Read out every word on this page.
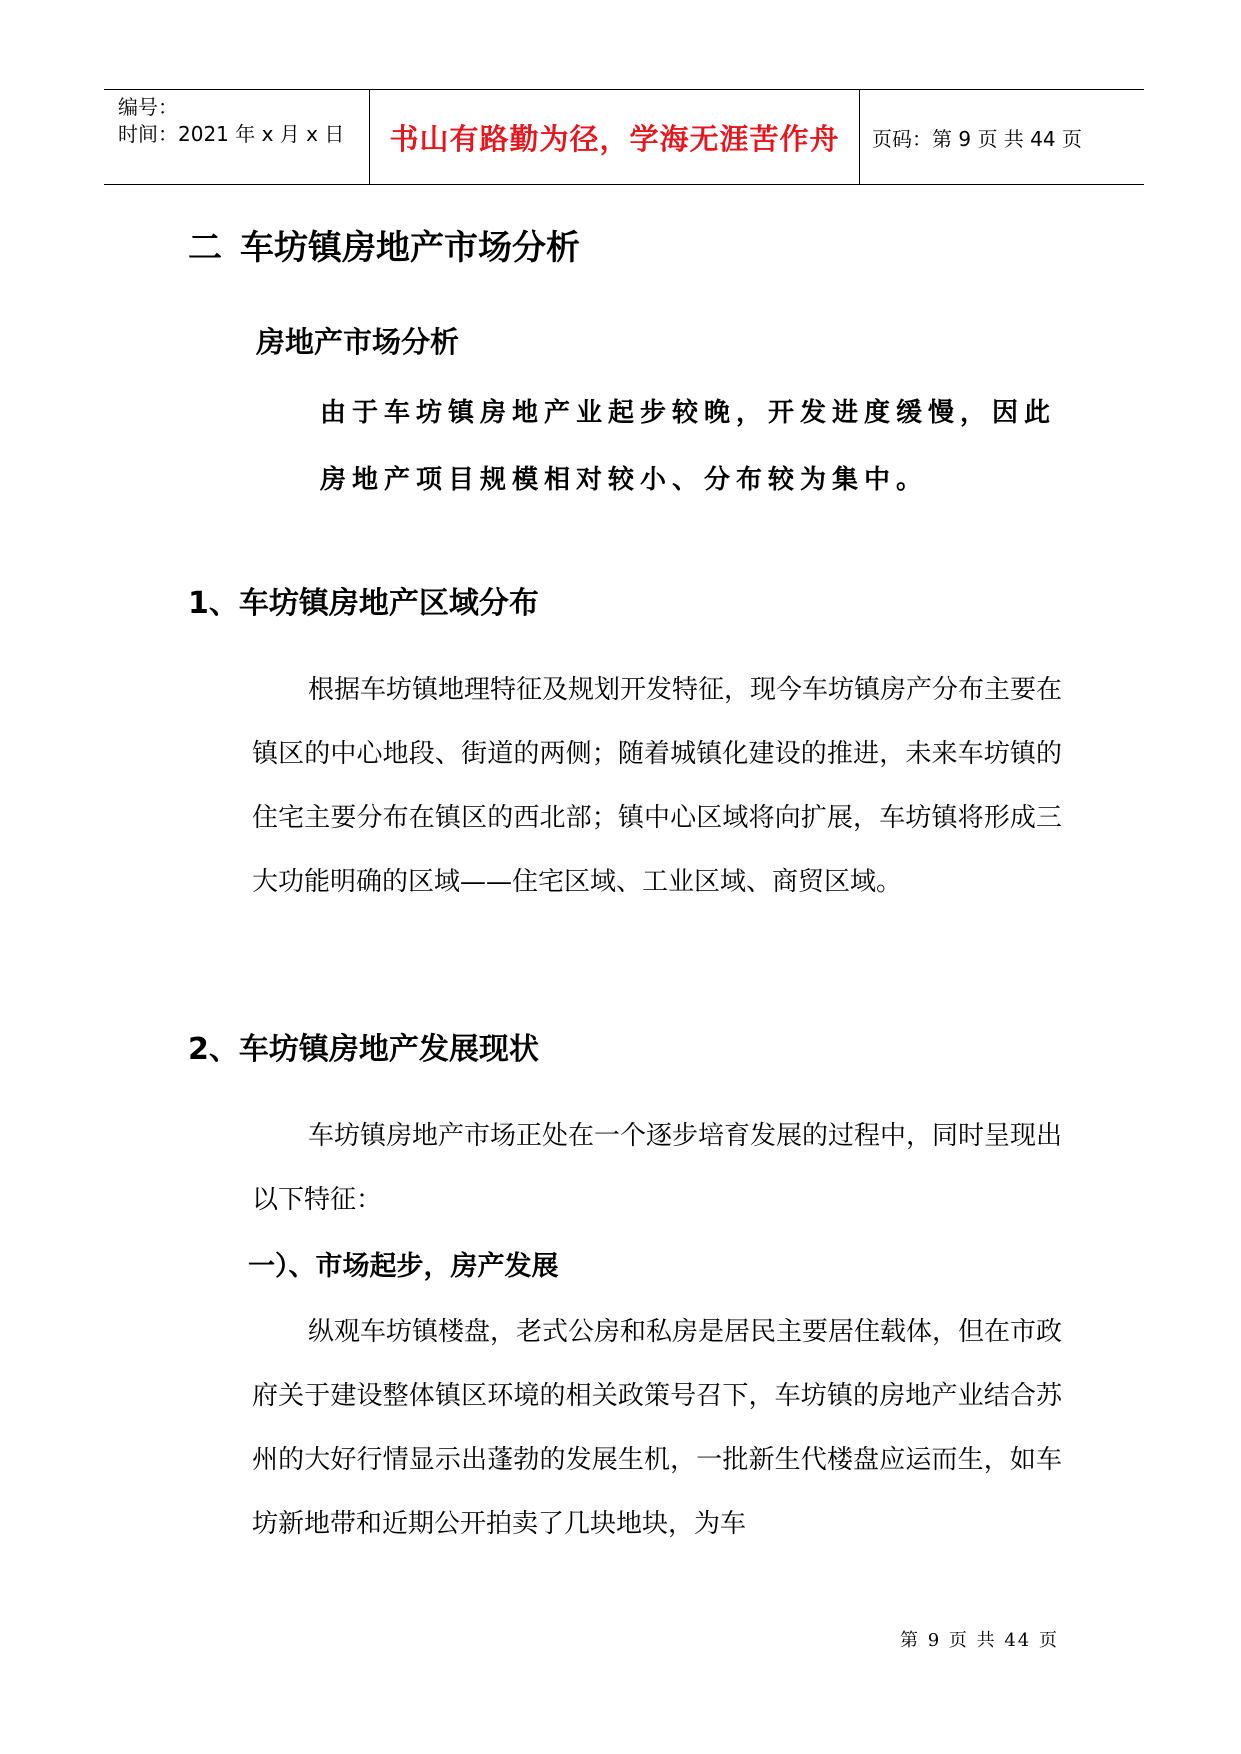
编号：
时间：2021 年 x 月 x 日	书山有路勤为径，学海无涯苦作舟	页码：第 9 页 共 44 页
二 车坊镇房地产市场分析
房地产市场分析
由于车坊镇房地产业起步较晚，开发进度缓慢，因此房地产项目规模相对较小、分布较为集中。
1、车坊镇房地产区域分布
根据车坊镇地理特征及规划开发特征，现今车坊镇房产分布主要在镇区的中心地段、街道的两侧；随着城镇化建设的推进，未来车坊镇的住宅主要分布在镇区的西北部；镇中心区域将向扩展，车坊镇将形成三大功能明确的区域——住宅区域、工业区域、商贸区域。
2、车坊镇房地产发展现状
车坊镇房地产市场正处在一个逐步培育发展的过程中，同时呈现出以下特征：
一）、市场起步，房产发展
纵观车坊镇楼盘，老式公房和私房是居民主要居住载体，但在市政府关于建设整体镇区环境的相关政策号召下，车坊镇的房地产业结合苏州的大好行情显示出蓬勃的发展生机，一批新生代楼盘应运而生，如车坊新地带和近期公开拍卖了几块地块，为车
第 9 页 共 44 页
